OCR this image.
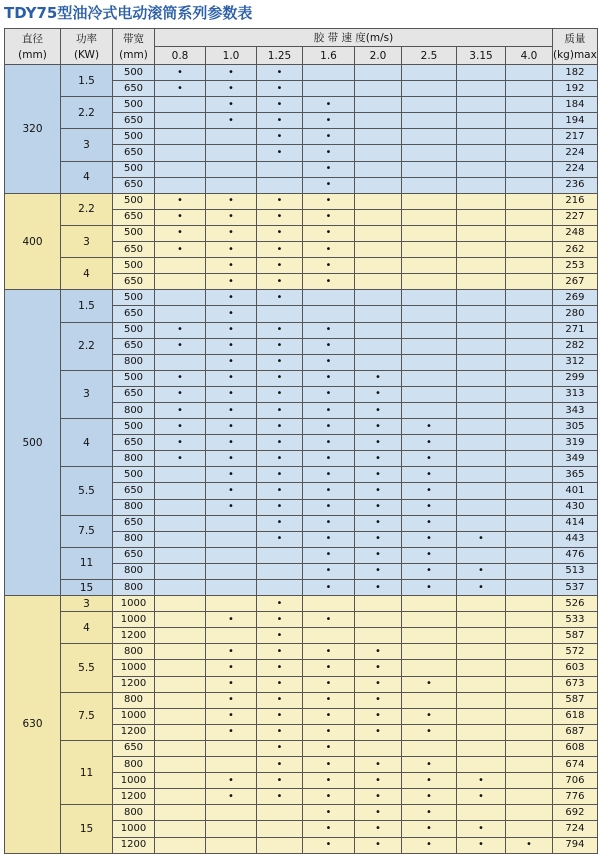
TDY75型油冷式电动滚筒系列参数表
直径
(mm)	功率
(KW)	带宽
(mm)	胶 带 速 度(m/s)								质量
(kg)max

			0.8	1.0	1.25	1.6	2.0	2.5	3.15	4.0	
320	1.5	500	•	•	•						182
		650	•	•	•						192
	2.2	500		•	•	•					184
		650		•	•	•					194
	3	500			•	•					217
		650			•	•					224
	4	500				•					224
		650				•					236
400	2.2	500	•	•	•	•					216
		650	•	•	•	•					227
	3	500	•	•	•	•					248
		650	•	•	•	•					262
	4	500		•	•	•					253
		650		•	•	•					267
500	1.5	500		•	•						269
		650		•							280
	2.2	500	•	•	•	•					271
		650	•	•	•	•					282
		800		•	•	•					312
	3	500	•	•	•	•	•				299
		650	•	•	•	•	•				313
		800	•	•	•	•	•				343
	4	500	•	•	•	•	•	•			305
		650	•	•	•	•	•	•			319
		800	•	•	•	•	•	•			349
	5.5	500		•	•	•	•	•			365
		650		•	•	•	•	•			401
		800		•	•	•	•	•			430
	7.5	650			•	•	•	•			414
		800			•	•	•	•	•		443
	11	650				•	•	•			476
		800				•	•	•	•		513
	15	800				•	•	•	•		537
630	3	1000			•						526
	4	1000		•	•	•					533
		1200			•						587
	5.5	800		•	•	•	•				572
		1000		•	•	•	•				603
		1200		•	•	•	•	•			673
	7.5	800		•	•	•	•				587
		1000		•	•	•	•	•			618
		1200		•	•	•	•	•			687
	11	650			•	•					608
		800			•	•	•	•			674
		1000		•	•	•	•	•	•		706
		1200		•	•	•	•	•	•		776
	15	800				•	•	•			692
		1000				•	•	•	•		724
		1200				•	•	•	•	•	794
